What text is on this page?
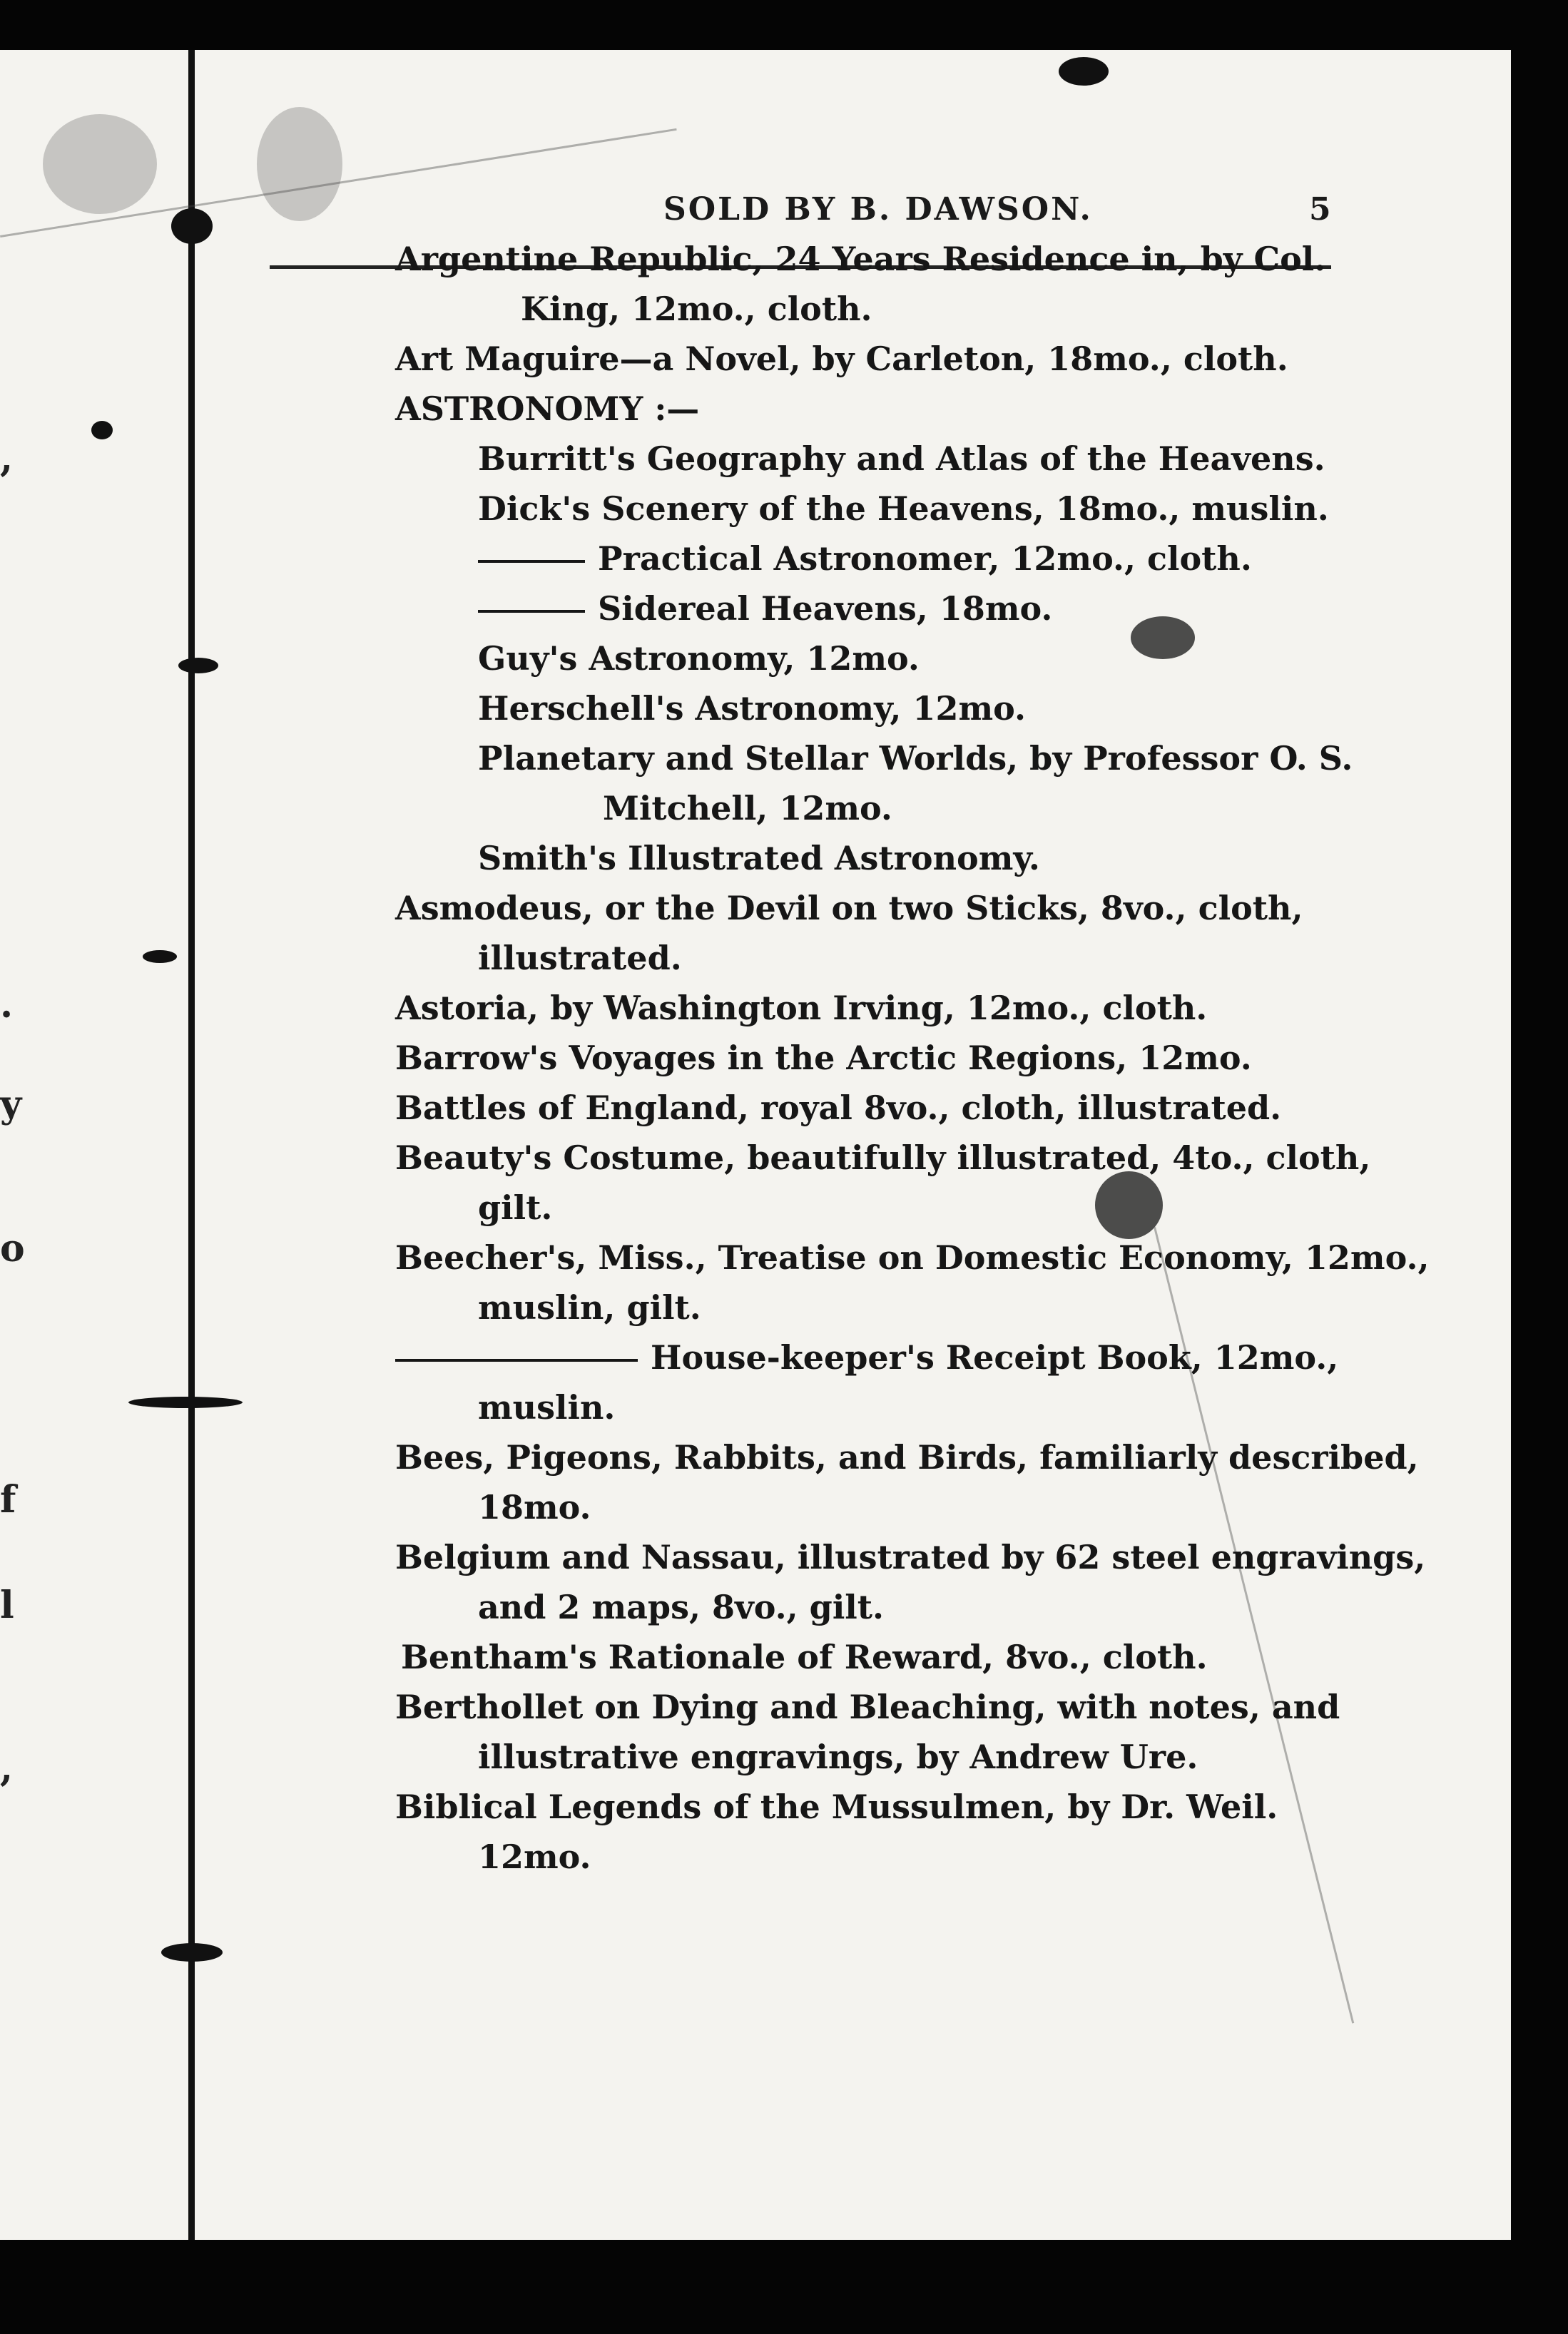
,
.
y
o
f
l
,
SOLD BY B. DAWSON.	5
Argentine Republic, 24 Years Residence in, by Col.
King, 12mo., cloth.
Art Maguire—a Novel, by Carleton, 18mo., cloth.
ASTRONOMY :—
Burritt's Geography and Atlas of the Heavens.
Dick's Scenery of the Heavens, 18mo., muslin.
Practical Astronomer, 12mo., cloth.
Sidereal Heavens, 18mo.
Guy's Astronomy, 12mo.
Herschell's Astronomy, 12mo.
Planetary and Stellar Worlds, by Professor O. S.
Mitchell, 12mo.
Smith's Illustrated Astronomy.
Asmodeus, or the Devil on two Sticks, 8vo., cloth,
illustrated.
Astoria, by Washington Irving, 12mo., cloth.
Barrow's Voyages in the Arctic Regions, 12mo.
Battles of England, royal 8vo., cloth, illustrated.
Beauty's Costume, beautifully illustrated, 4to., cloth,
gilt.
Beecher's, Miss., Treatise on Domestic Economy, 12mo.,
muslin, gilt.
House-keeper's Receipt Book, 12mo.,
muslin.
Bees, Pigeons, Rabbits, and Birds, familiarly described,
18mo.
Belgium and Nassau, illustrated by 62 steel engravings,
and 2 maps, 8vo., gilt.
Bentham's Rationale of Reward, 8vo., cloth.
Berthollet on Dying and Bleaching, with notes, and
illustrative engravings, by Andrew Ure.
Biblical Legends of the Mussulmen, by Dr. Weil.
12mo.
